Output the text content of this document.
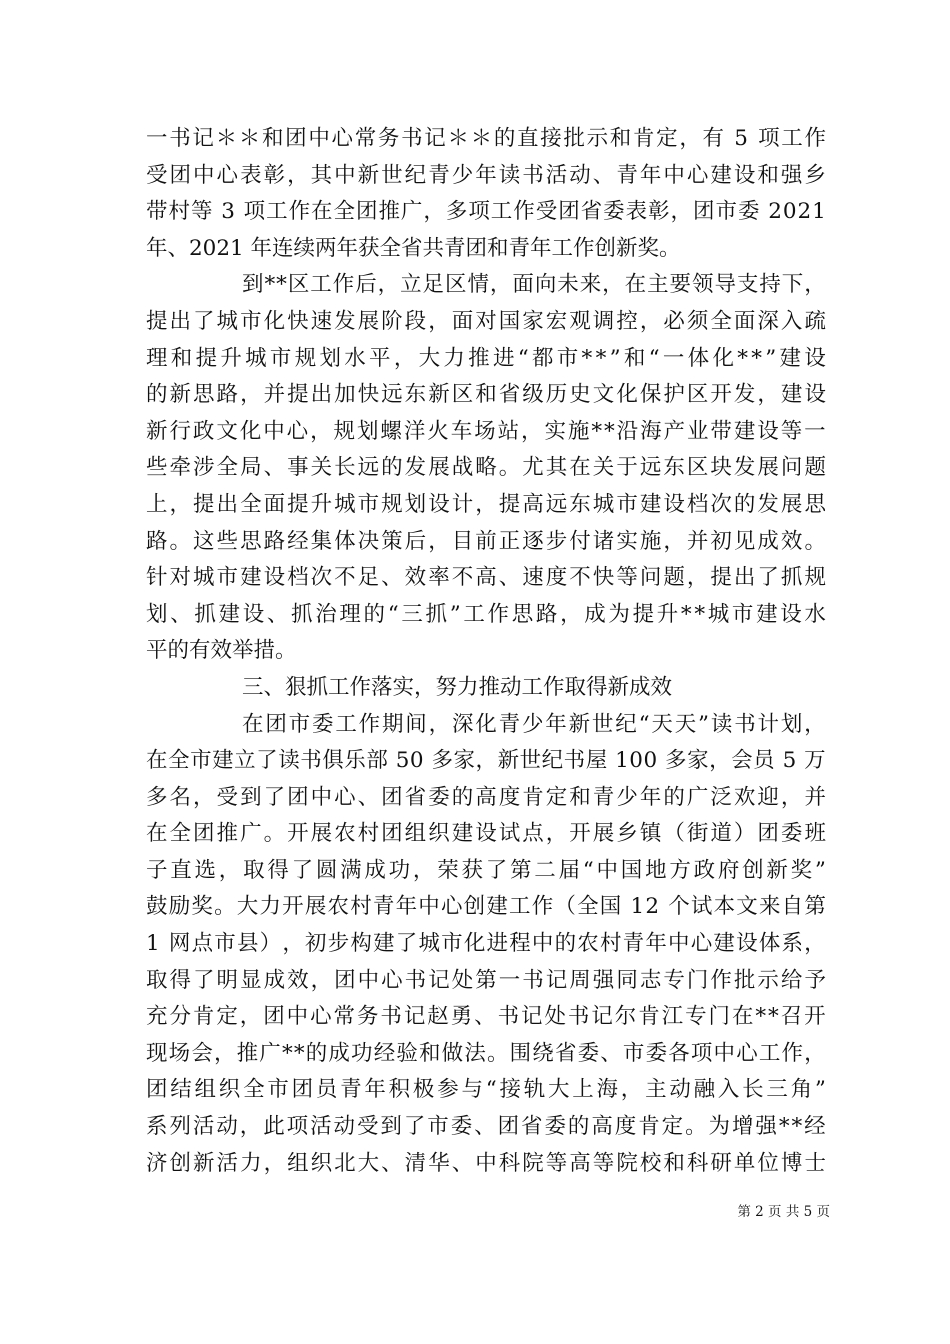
一 书 记 ＊ ＊ 和 团 中 心 常 务 书 记 ＊ ＊ 的 直 接 批 示 和 肯 定 ， 有
5
项 工 作
受 团 中 心 表 彰 ， 其 中 新 世 纪 青 少 年 读 书 活 动 、 青 年 中 心 建 设 和 强 乡
带 村 等
3
项 工 作 在 全 团 推 广 ， 多 项 工 作 受 团 省 委 表 彰 ， 团 市 委
2 0 2 1
年、2021 年连续两年获全省共青团和青年工作创新奖。
到 * * 区 工 作 后 ， 立 足 区 情 ， 面 向 未 来 ， 在 主 要 领 导 支 持 下 ，
提 出 了 城 市 化 快 速 发 展 阶 段 ， 面 对 国 家 宏 观 调 控 ， 必 须 全 面 深 入 疏
理 和 提 升 城 市 规 划 水 平 ， 大 力 推 进 “ 都 市 * * ” 和 “ 一 体 化 * * ” 建 设
的 新 思 路 ， 并 提 出 加 快 远 东 新 区 和 省 级 历 史 文 化 保 护 区 开 发 ， 建 设
新 行 政 文 化 中 心 ， 规 划 螺 洋 火 车 场 站 ， 实 施 * * 沿 海 产 业 带 建 设 等 一
些 牵 涉 全 局 、 事 关 长 远 的 发 展 战 略 。 尤 其 在 关 于 远 东 区 块 发 展 问 题
上 ， 提 出 全 面 提 升 城 市 规 划 设 计 ， 提 高 远 东 城 市 建 设 档 次 的 发 展 思
路 。 这 些 思 路 经 集 体 决 策 后 ， 目 前 正 逐 步 付 诸 实 施 ， 并 初 见 成 效 。
针 对 城 市 建 设 档 次 不 足 、 效 率 不 高 、 速 度 不 快 等 问 题 ， 提 出 了 抓 规
划 、 抓 建 设 、 抓 治 理 的 “ 三 抓 ” 工 作 思 路 ， 成 为 提 升 * * 城 市 建 设 水
平的有效举措。
三、狠抓工作落实，努力推动工作取得新成效
在 团 市 委 工 作 期 间 ， 深 化 青 少 年 新 世 纪 “ 天 天 ” 读 书 计 划 ，
在 全 市 建 立 了 读 书 俱 乐 部
5 0
多 家 ， 新 世 纪 书 屋
1 0 0
多 家 ， 会 员
5
万
多 名 ， 受 到 了 团 中 心 、 团 省 委 的 高 度 肯 定 和 青 少 年 的 广 泛 欢 迎 ， 并
在 全 团 推 广 。 开 展 农 村 团 组 织 建 设 试 点 ， 开 展 乡 镇 （ 街 道 ） 团 委 班
子 直 选 ， 取 得 了 圆 满 成 功 ， 荣 获 了 第 二 届 “ 中 国 地 方 政 府 创 新 奖 ”
鼓 励 奖 。 大 力 开 展 农 村 青 年 中 心 创 建 工 作 （ 全 国
1 2
个 试 本 文 来 自 第
1
网 点 市 县 ） ， 初 步 构 建 了 城 市 化 进 程 中 的 农 村 青 年 中 心 建 设 体 系 ，
取 得 了 明 显 成 效 ， 团 中 心 书 记 处 第 一 书 记 周 强 同 志 专 门 作 批 示 给 予
充 分 肯 定 ， 团 中 心 常 务 书 记 赵 勇 、 书 记 处 书 记 尔 肯 江 专 门 在 * * 召 开
现 场 会 ， 推 广 * * 的 成 功 经 验 和 做 法 。 围 绕 省 委 、 市 委 各 项 中 心 工 作 ，
团 结 组 织 全 市 团 员 青 年 积 极 参 与 “ 接 轨 大 上 海 ， 主 动 融 入 长 三 角 ”
系 列 活 动 ， 此 项 活 动 受 到 了 市 委 、 团 省 委 的 高 度 肯 定 。 为 增 强 * * 经
济 创 新 活 力 ， 组 织 北 大 、 清 华 、 中 科 院 等 高 等 院 校 和 科 研 单 位 博 士
第 2 页 共 5 页
